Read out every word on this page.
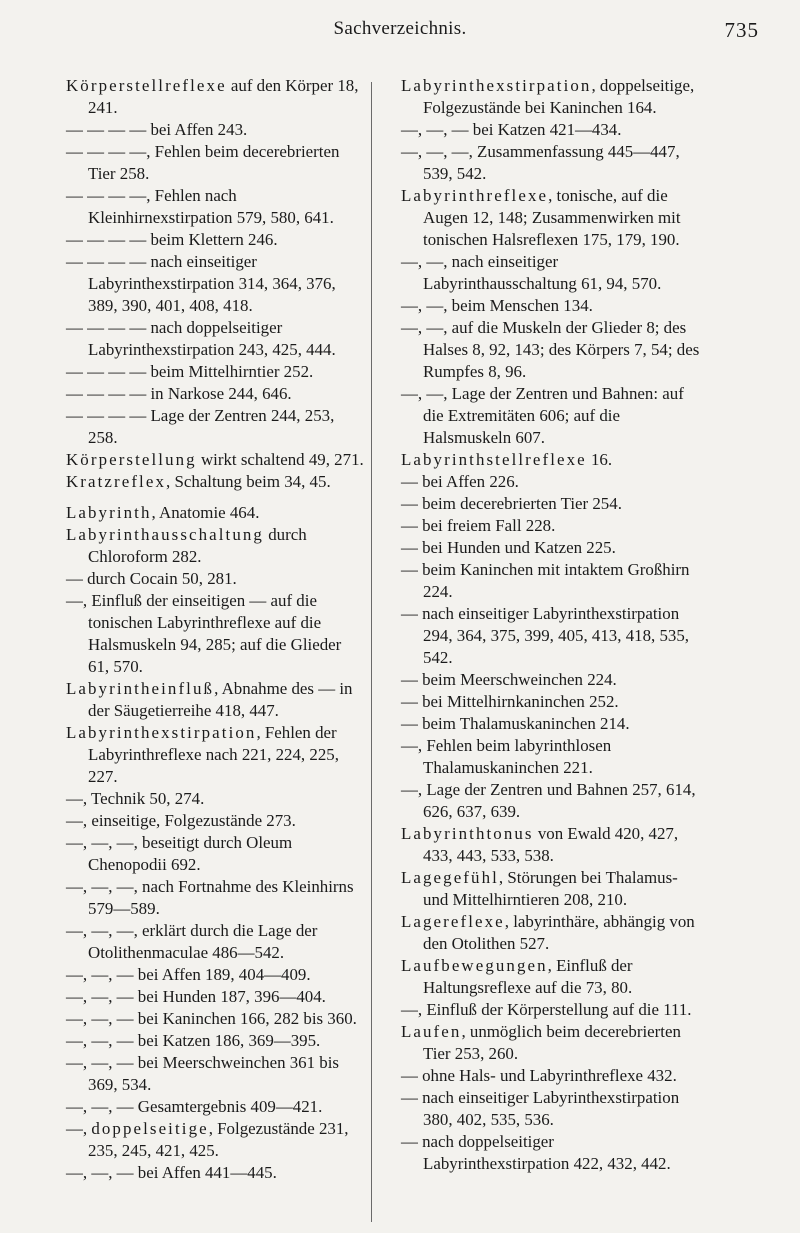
Sachverzeichnis.	735
Körperstellreflexe auf den Körper 18, 241.
— — — — bei Affen 243.
— — — —, Fehlen beim decerebrierten Tier 258.
— — — —, Fehlen nach Kleinhirnexstirpation 579, 580, 641.
— — — — beim Klettern 246.
— — — — nach einseitiger Labyrinthexstirpation 314, 364, 376, 389, 390, 401, 408, 418.
— — — — nach doppelseitiger Labyrinthexstirpation 243, 425, 444.
— — — — beim Mittelhirntier 252.
— — — — in Narkose 244, 646.
— — — — Lage der Zentren 244, 253, 258.
Körperstellung wirkt schaltend 49, 271.
Kratzreflex, Schaltung beim 34, 45.
Labyrinth, Anatomie 464.
Labyrinthausschaltung durch Chloroform 282.
— durch Cocain 50, 281.
—, Einfluß der einseitigen — auf die tonischen Labyrinthreflexe auf die Halsmuskeln 94, 285; auf die Glieder 61, 570.
Labyrintheinfluß, Abnahme des — in der Säugetierreihe 418, 447.
Labyrinthexstirpation, Fehlen der Labyrinthreflexe nach 221, 224, 225, 227.
—, Technik 50, 274.
—, einseitige, Folgezustände 273.
—, —, —, beseitigt durch Oleum Chenopodii 692.
—, —, —, nach Fortnahme des Kleinhirns 579—589.
—, —, —, erklärt durch die Lage der Otolithenmaculae 486—542.
—, —, — bei Affen 189, 404—409.
—, —, — bei Hunden 187, 396—404.
—, —, — bei Kaninchen 166, 282 bis 360.
—, —, — bei Katzen 186, 369—395.
—, —, — bei Meerschweinchen 361 bis 369, 534.
—, —, — Gesamtergebnis 409—421.
—, doppelseitige, Folgezustände 231, 235, 245, 421, 425.
—, —, — bei Affen 441—445.
Labyrinthexstirpation, doppelseitige, Folgezustände bei Kaninchen 164.
—, —, — bei Katzen 421—434.
—, —, —, Zusammenfassung 445—447, 539, 542.
Labyrinthreflexe, tonische, auf die Augen 12, 148; Zusammenwirken mit tonischen Halsreflexen 175, 179, 190.
—, —, nach einseitiger Labyrinthausschaltung 61, 94, 570.
—, —, beim Menschen 134.
—, —, auf die Muskeln der Glieder 8; des Halses 8, 92, 143; des Körpers 7, 54; des Rumpfes 8, 96.
—, —, Lage der Zentren und Bahnen: auf die Extremitäten 606; auf die Halsmuskeln 607.
Labyrinthstellreflexe 16.
— bei Affen 226.
— beim decerebrierten Tier 254.
— bei freiem Fall 228.
— bei Hunden und Katzen 225.
— beim Kaninchen mit intaktem Großhirn 224.
— nach einseitiger Labyrinthexstirpation 294, 364, 375, 399, 405, 413, 418, 535, 542.
— beim Meerschweinchen 224.
— bei Mittelhirnkaninchen 252.
— beim Thalamuskaninchen 214.
—, Fehlen beim labyrinthlosen Thalamuskaninchen 221.
—, Lage der Zentren und Bahnen 257, 614, 626, 637, 639.
Labyrinthtonus von Ewald 420, 427, 433, 443, 533, 538.
Lagegefühl, Störungen bei Thalamus- und Mittelhirntieren 208, 210.
Lagereflexe, labyrinthäre, abhängig von den Otolithen 527.
Laufbewegungen, Einfluß der Haltungsreflexe auf die 73, 80.
—, Einfluß der Körperstellung auf die 111.
Laufen, unmöglich beim decerebrierten Tier 253, 260.
— ohne Hals- und Labyrinthreflexe 432.
— nach einseitiger Labyrinthexstirpation 380, 402, 535, 536.
— nach doppelseitiger Labyrinthexstirpation 422, 432, 442.
